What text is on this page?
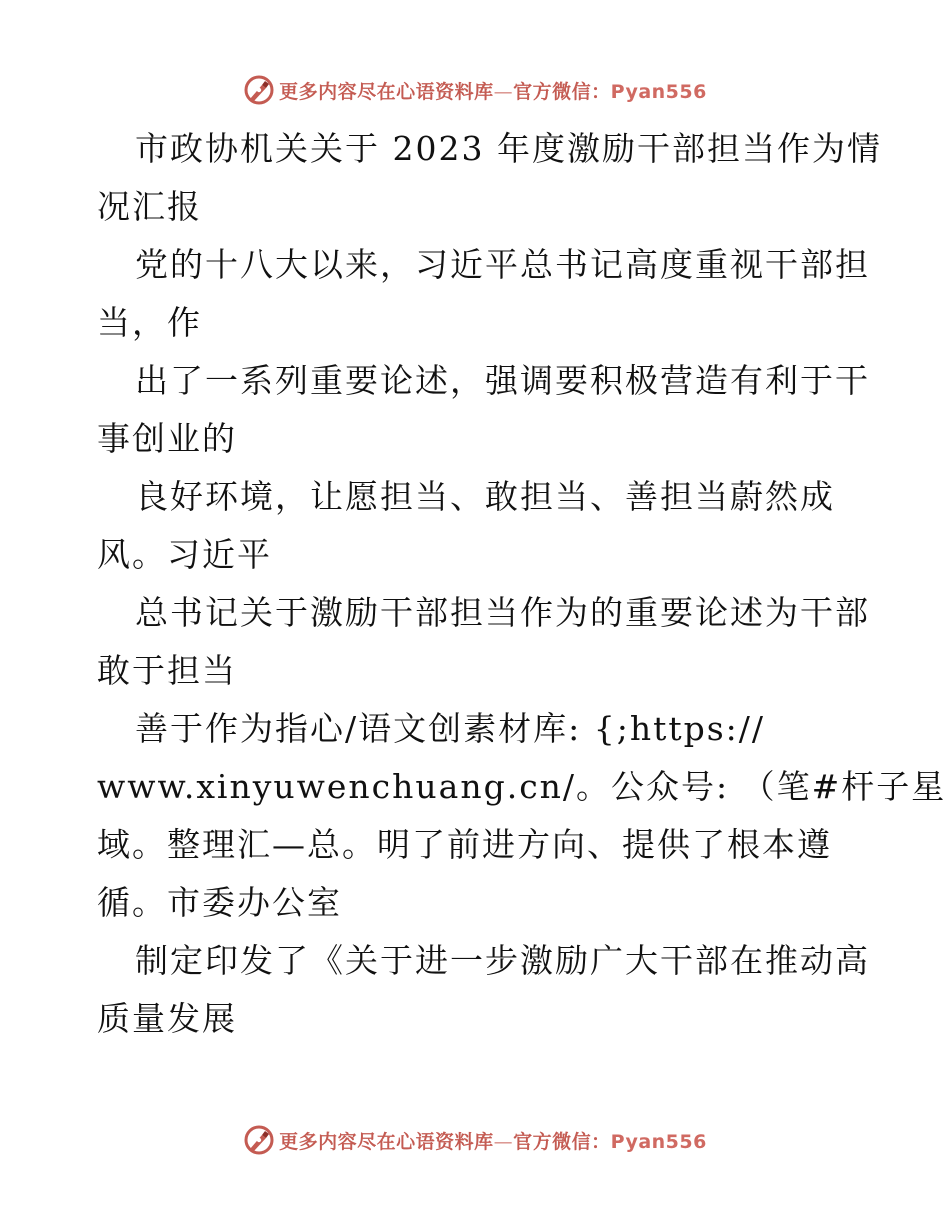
更多内容尽在心语资料库—官方微信：Pyan556
市政协机关关于 2023 年度激励干部担当作为情
况汇报
党的十八大以来，习近平总书记高度重视干部担
当，作
出了一系列重要论述，强调要积极营造有利于干
事创业的
良好环境，让愿担当、敢担当、善担当蔚然成
风。习近平
总书记关于激励干部担当作为的重要论述为干部
敢于担当
善于作为指心/语文创素材库: {;https://
www.xinyuwenchuang.cn/。公众号: （笔#杆子星
域。整理汇—总。明了前进方向、提供了根本遵
循。市委办公室
制定印发了《关于进一步激励广大干部在推动高
质量发展
更多内容尽在心语资料库—官方微信：Pyan556
